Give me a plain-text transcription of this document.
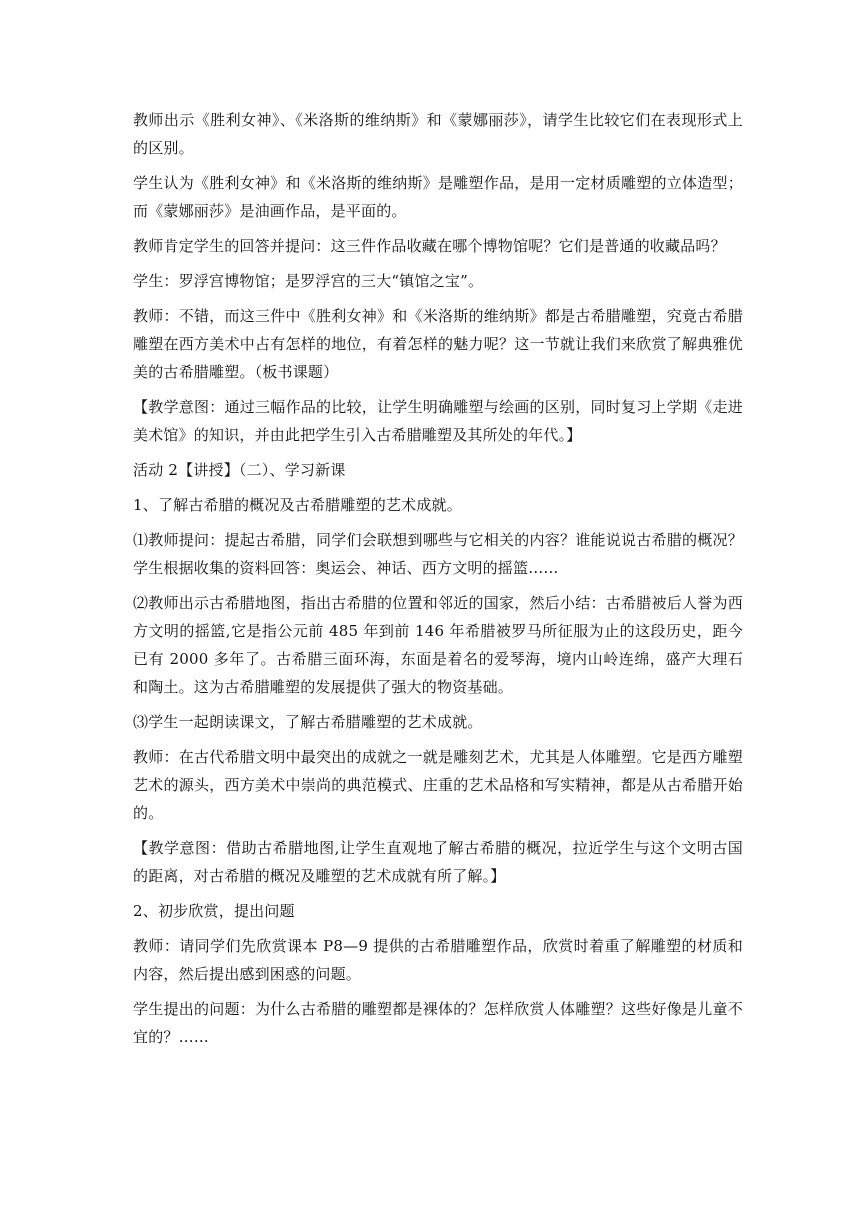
教师出示《胜利女神》、《米洛斯的维纳斯》和《蒙娜丽莎》，请学生比较它们在表现形式上的区别。

学生认为《胜利女神》和《米洛斯的维纳斯》是雕塑作品，是用一定材质雕塑的立体造型；而《蒙娜丽莎》是油画作品，是平面的。

教师肯定学生的回答并提问：这三件作品收藏在哪个博物馆呢？它们是普通的收藏品吗？

学生：罗浮宫博物馆；是罗浮宫的三大“镇馆之宝”。

教师：不错，而这三件中《胜利女神》和《米洛斯的维纳斯》都是古希腊雕塑，究竟古希腊雕塑在西方美术中占有怎样的地位，有着怎样的魅力呢？这一节就让我们来欣赏了解典雅优美的古希腊雕塑。（板书课题）

【教学意图：通过三幅作品的比较，让学生明确雕塑与绘画的区别，同时复习上学期《走进美术馆》的知识，并由此把学生引入古希腊雕塑及其所处的年代。】

活动 2【讲授】（二）、学习新课

1、了解古希腊的概况及古希腊雕塑的艺术成就。

⑴教师提问：提起古希腊，同学们会联想到哪些与它相关的内容？谁能说说古希腊的概况？学生根据收集的资料回答：奥运会、神话、西方文明的摇篮……

⑵教师出示古希腊地图，指出古希腊的位置和邻近的国家，然后小结：古希腊被后人誉为西方文明的摇篮,它是指公元前 485 年到前 146 年希腊被罗马所征服为止的这段历史，距今已有 2000 多年了。古希腊三面环海，东面是着名的爱琴海，境内山岭连绵，盛产大理石和陶土。这为古希腊雕塑的发展提供了强大的物资基础。

⑶学生一起朗读课文，了解古希腊雕塑的艺术成就。

教师：在古代希腊文明中最突出的成就之一就是雕刻艺术，尤其是人体雕塑。它是西方雕塑艺术的源头，西方美术中崇尚的典范模式、庄重的艺术品格和写实精神，都是从古希腊开始的。

【教学意图：借助古希腊地图,让学生直观地了解古希腊的概况，拉近学生与这个文明古国的距离，对古希腊的概况及雕塑的艺术成就有所了解。】

2、初步欣赏，提出问题

教师：请同学们先欣赏课本 P8—9 提供的古希腊雕塑作品，欣赏时着重了解雕塑的材质和内容，然后提出感到困惑的问题。

学生提出的问题：为什么古希腊的雕塑都是裸体的？怎样欣赏人体雕塑？这些好像是儿童不宜的？……
